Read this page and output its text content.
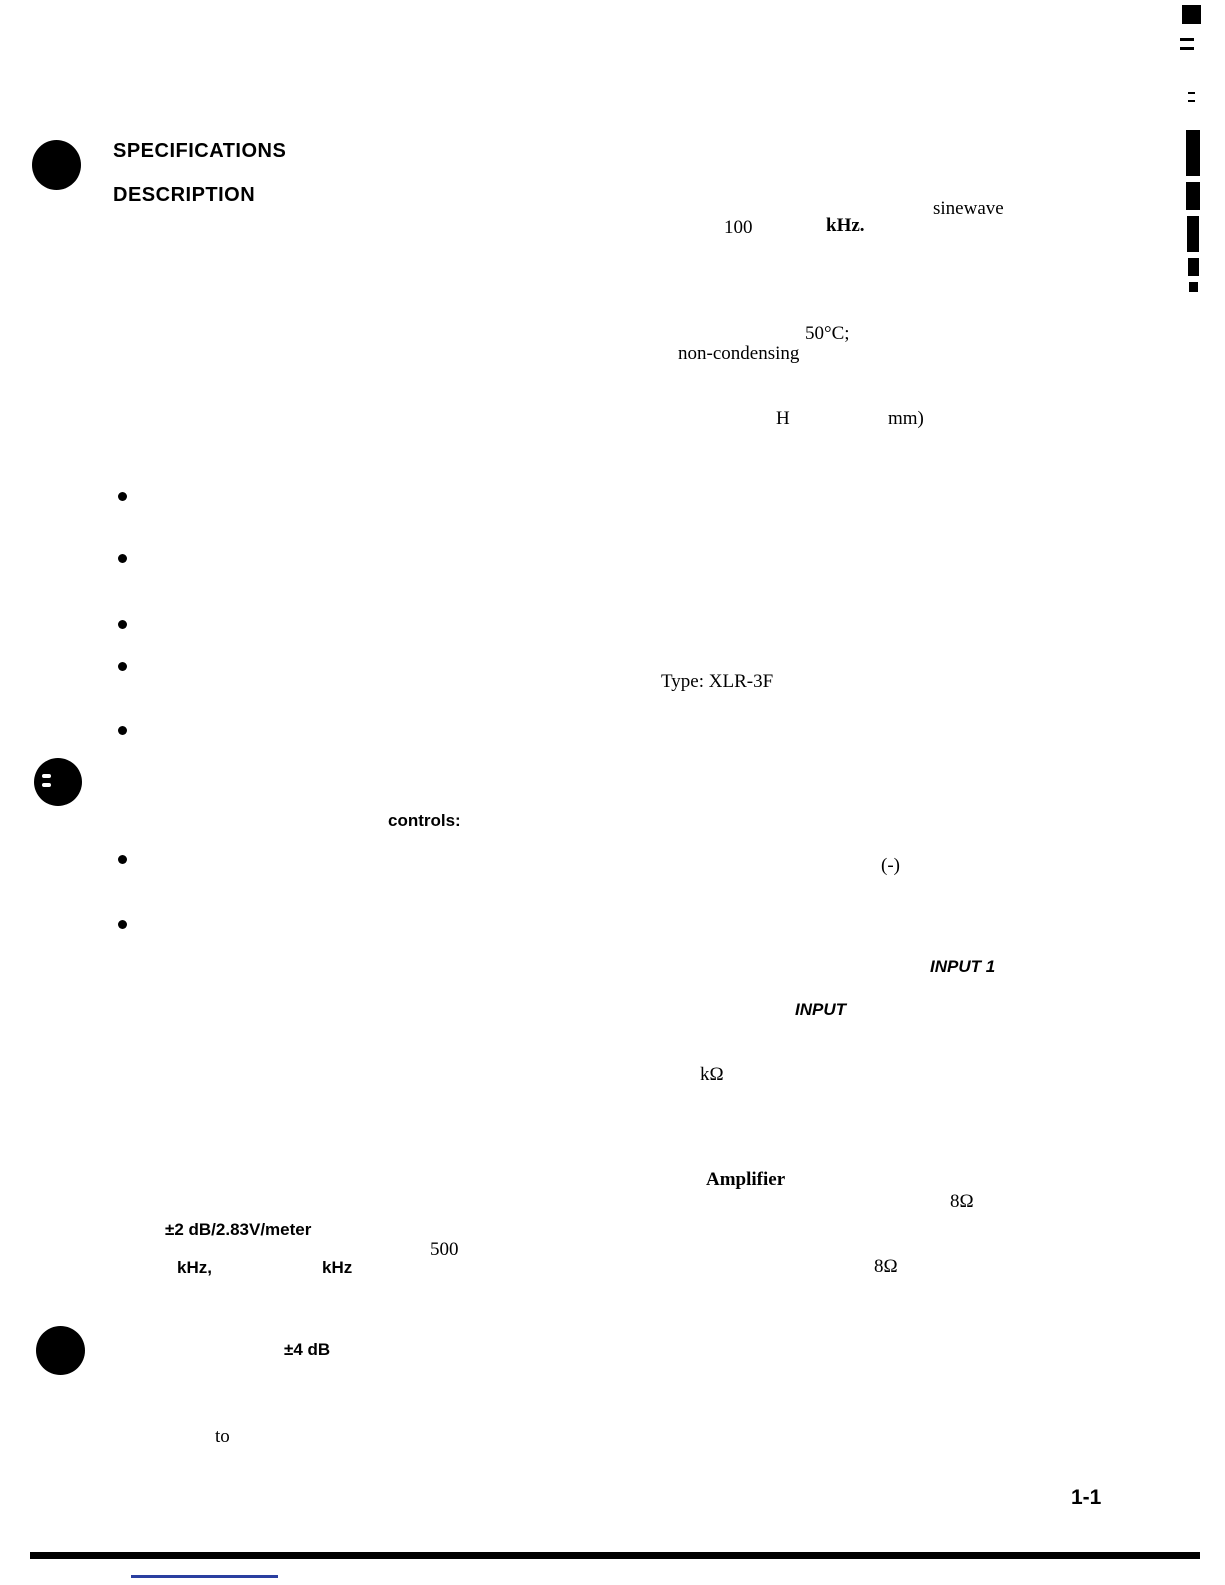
SPECIFICATIONS
DESCRIPTION
sinewave
100	kHz.
50°C;
non-condensing
H	mm)
Type: XLR-3F
controls:
(-)
INPUT 1
INPUT
kΩ
Amplifier
8Ω
±2 dB/2.83V/meter
500
kHz,	kHz	8Ω
±4 dB
to
1-1
